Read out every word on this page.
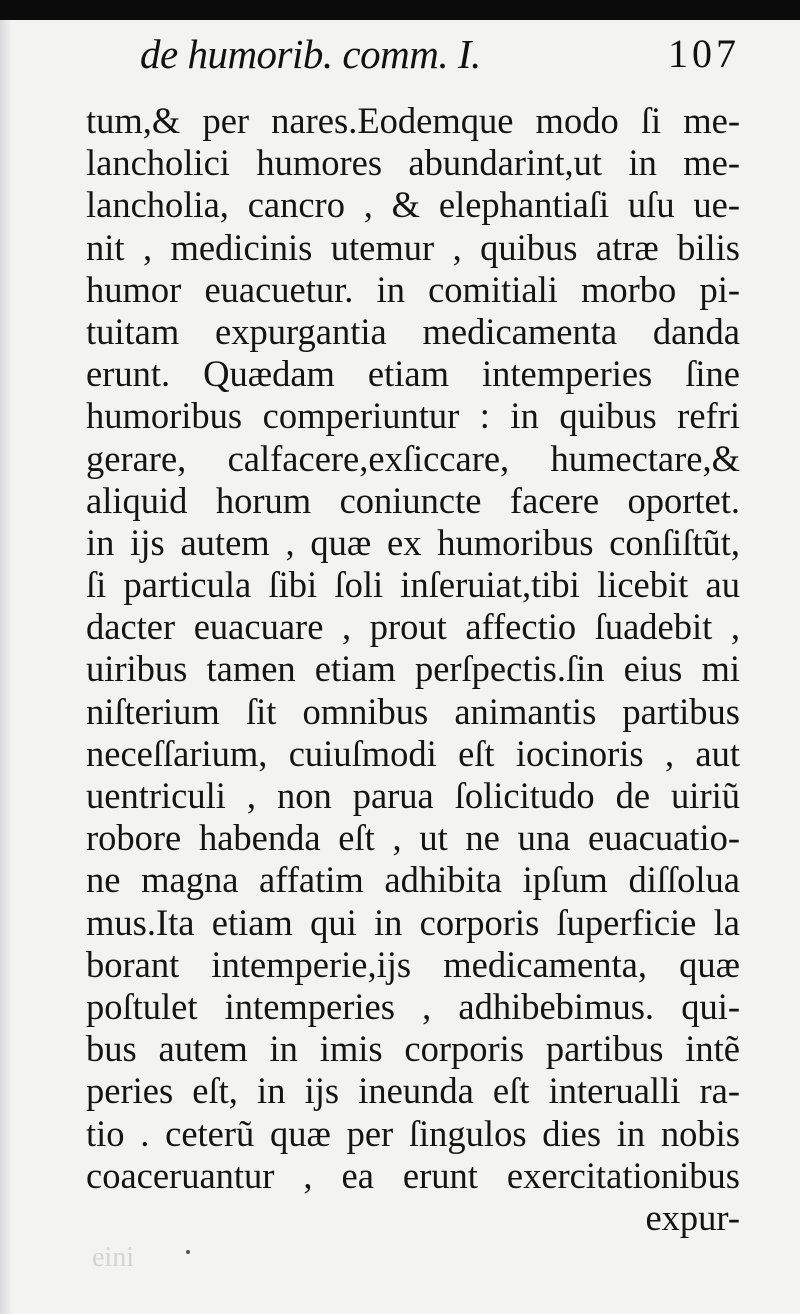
de humorib. comm. I.	107
tum,& per nares.Eodemque modo ſi me-
lancholici humores abundarint,ut in me-
lancholia, cancro , & elephantiaſi uſu ue-
nit , medicinis utemur , quibus atræ bilis
humor euacuetur. in comitiali morbo pi-
tuitam expurgantia medicamenta danda
erunt. Quædam etiam intemperies ſine
humoribus comperiuntur : in quibus refri
gerare, calfacere,exſiccare, humectare,&
aliquid horum coniuncte facere oportet.
in ijs autem , quæ ex humoribus conſiſtũt,
ſi particula ſibi ſoli inſeruiat,tibi licebit au
dacter euacuare , prout affectio ſuadebit ,
uiribus tamen etiam perſpectis.ſin eius mi
niſterium ſit omnibus animantis partibus
neceſſarium, cuiuſmodi eſt iocinoris , aut
uentriculi , non parua ſolicitudo de uiriũ
robore habenda eſt , ut ne una euacuatio-
ne magna affatim adhibita ipſum diſſolua
mus.Ita etiam qui in corporis ſuperficie la
borant intemperie,ijs medicamenta, quæ
poſtulet intemperies , adhibebimus. qui-
bus autem in imis corporis partibus intẽ
peries eſt, in ijs ineunda eſt interualli ra-
tio . ceterũ quæ per ſingulos dies in nobis
coaceruantur , ea erunt exercitationibus
expur-
eini
